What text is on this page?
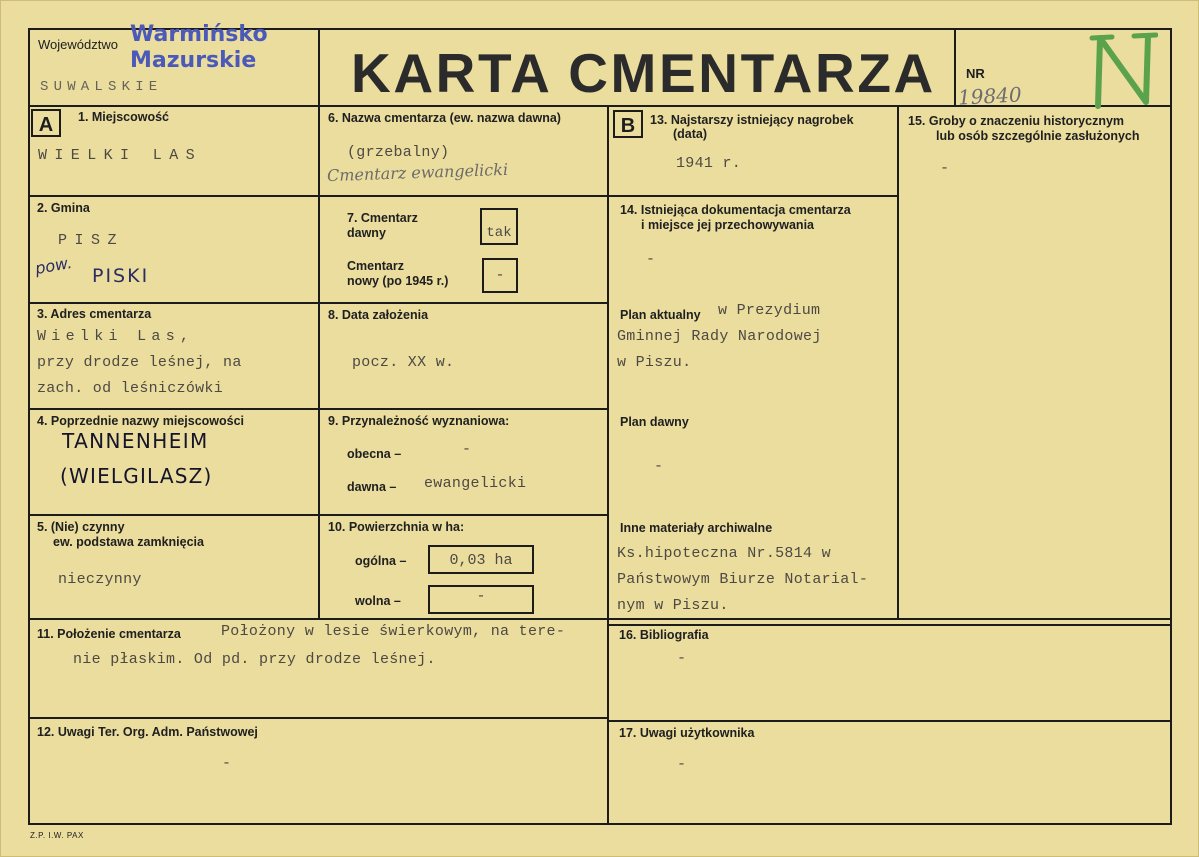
Województwo Warmińsko
Mazurskie
SUWALSKIE	KARTA CMENTARZA NR
19840
A	1. Miejscowość
WIELKI LAS
2. Gmina
PISZ
pow. PISKI
3. Adres cmentarza
Wielki Las,
przy drodze leśnej, na
zach. od leśniczówki
4. Poprzednie nazwy miejscowości
TANNENHEIM
(WIELGILASZ)
5. (Nie) czynny
ew. podstawa zamknięcia
nieczynny
6. Nazwa cmentarza (ew. nazwa dawna)
(grzebalny)
Cmentarz ewangelicki
7. Cmentarz
dawny	tak
Cmentarz
nowy (po 1945 r.)	-
8. Data założenia
pocz. XX w.
9. Przynależność wyznaniowa:
obecna –	-
dawna – ewangelicki
10. Powierzchnia w ha:
ogólna –	0,03 ha
wolna –	-
B	13. Najstarszy istniejący nagrobek
(data)
1941 r.
14. Istniejąca dokumentacja cmentarza
i miejsce jej przechowywania
-
Plan aktualny w Prezydium
Gminnej Rady Narodowej
w Piszu.
Plan dawny
-
Inne materiały archiwalne
Ks.hipoteczna Nr.5814 w
Państwowym Biurze Notarial-
nym w Piszu.
15. Groby o znaczeniu historycznym
lub osób szczególnie zasłużonych
-
11. Położenie cmentarza	Położony w lesie świerkowym, na tere-
nie płaskim. Od pd. przy drodze leśnej.
12. Uwagi Ter. Org. Adm. Państwowej
-
16. Bibliografia
-
17. Uwagi użytkownika
-
Z.P. I.W. PAX
